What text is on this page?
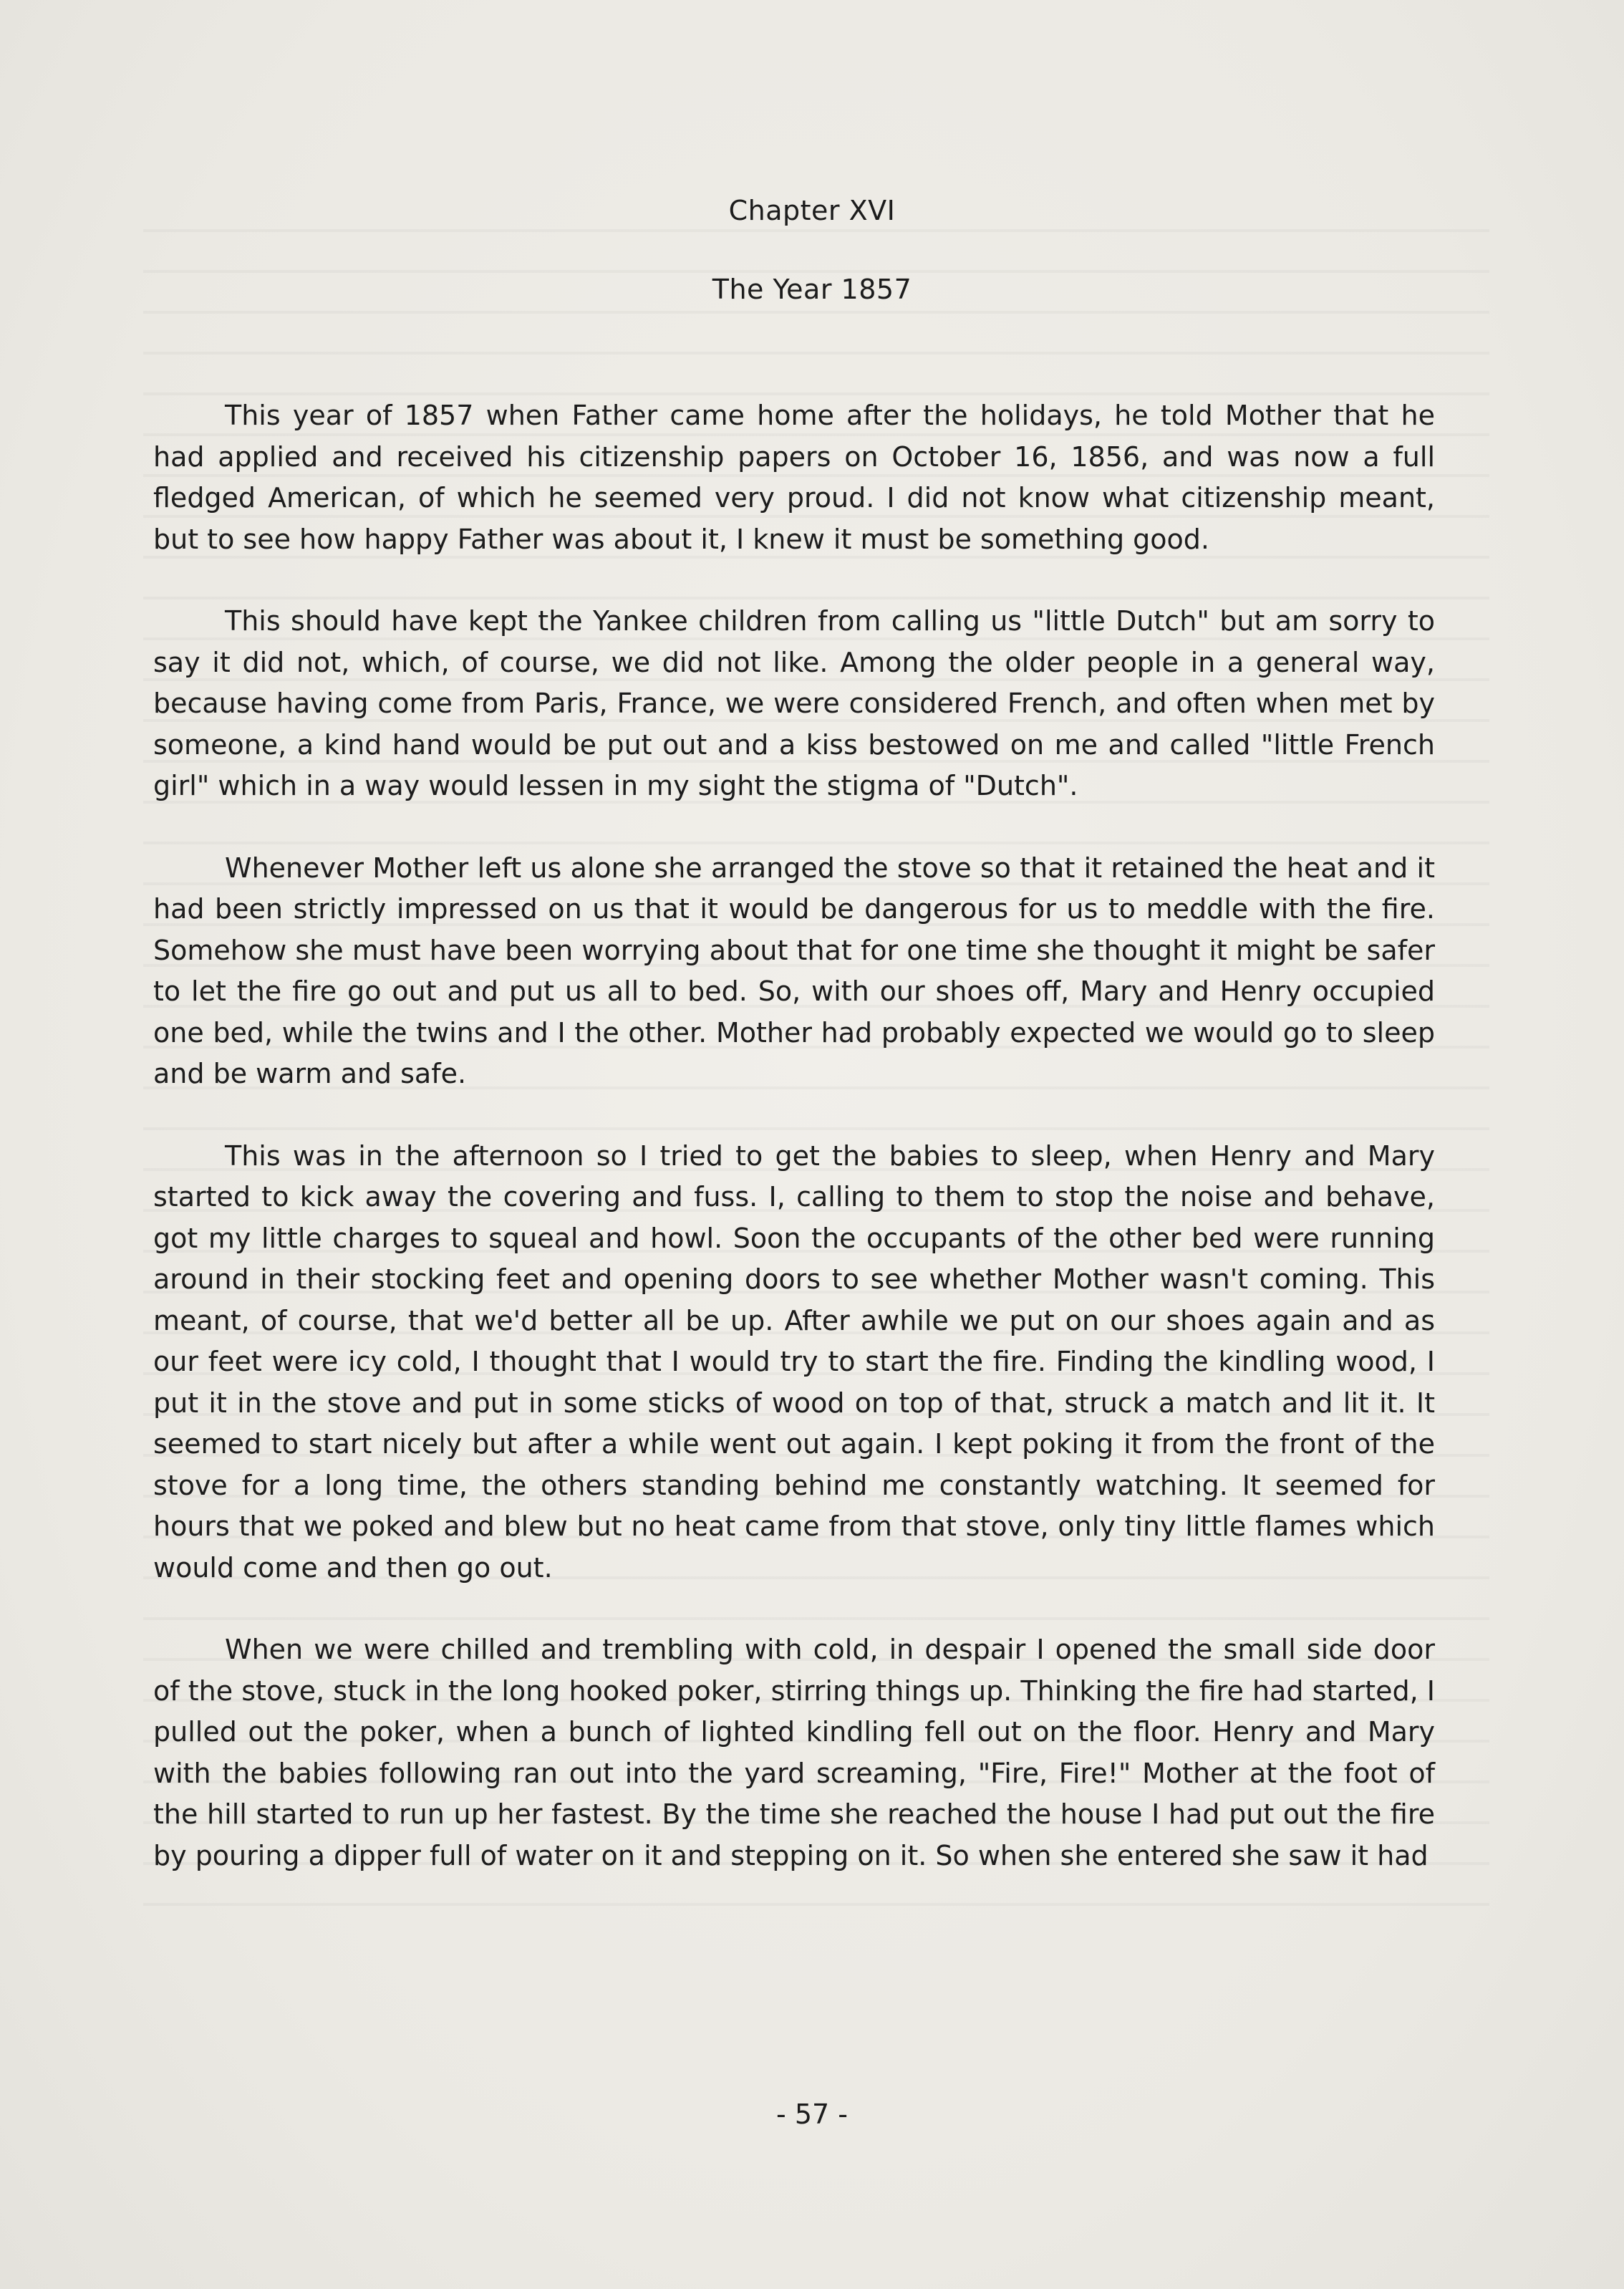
Chapter XVI
The Year 1857

This year of 1857 when Father came home after the holidays, he told Mother that he had applied and received his citizenship papers on October 16, 1856, and was now a full fledged American, of which he seemed very proud. I did not know what citizenship meant, but to see how happy Father was about it, I knew it must be something good.

This should have kept the Yankee children from calling us "little Dutch" but am sorry to say it did not, which, of course, we did not like. Among the older people in a general way, because having come from Paris, France, we were considered French, and often when met by someone, a kind hand would be put out and a kiss bestowed on me and called "little French girl" which in a way would lessen in my sight the stigma of "Dutch".

Whenever Mother left us alone she arranged the stove so that it retained the heat and it had been strictly impressed on us that it would be dangerous for us to meddle with the fire. Somehow she must have been worrying about that for one time she thought it might be safer to let the fire go out and put us all to bed. So, with our shoes off, Mary and Henry occupied one bed, while the twins and I the other. Mother had probably expected we would go to sleep and be warm and safe.

This was in the afternoon so I tried to get the babies to sleep, when Henry and Mary started to kick away the covering and fuss. I, calling to them to stop the noise and behave, got my little charges to squeal and howl. Soon the occupants of the other bed were running around in their stocking feet and opening doors to see whether Mother wasn't coming. This meant, of course, that we'd better all be up. After awhile we put on our shoes again and as our feet were icy cold, I thought that I would try to start the fire. Finding the kindling wood, I put it in the stove and put in some sticks of wood on top of that, struck a match and lit it. It seemed to start nicely but after a while went out again. I kept poking it from the front of the stove for a long time, the others standing behind me constantly watching. It seemed for hours that we poked and blew but no heat came from that stove, only tiny little flames which would come and then go out.

When we were chilled and trembling with cold, in despair I opened the small side door of the stove, stuck in the long hooked poker, stirring things up. Thinking the fire had started, I pulled out the poker, when a bunch of lighted kindling fell out on the floor. Henry and Mary with the babies following ran out into the yard screaming, "Fire, Fire!" Mother at the foot of the hill started to run up her fastest. By the time she reached the house I had put out the fire by pouring a dipper full of water on it and stepping on it. So when she entered she saw it had

- 57 -
